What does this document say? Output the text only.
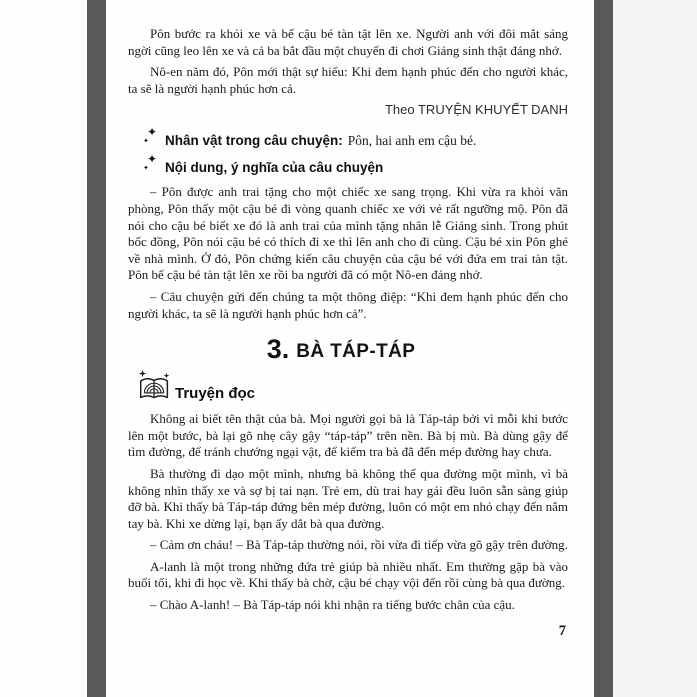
Pôn bước ra khỏi xe và bế cậu bé tàn tật lên xe. Người anh với đôi mắt sáng ngời cũng leo lên xe và cả ba bắt đầu một chuyến đi chơi Giáng sinh thật đáng nhớ.

Nô-en năm đó, Pôn mới thật sự hiểu: Khi đem hạnh phúc đến cho người khác, ta sẽ là người hạnh phúc hơn cả.

Theo TRUYỆN KHUYẾT DANH
✦
✦ Nhân vật trong câu chuyện: Pôn, hai anh em cậu bé.
✦
✦ Nội dung, ý nghĩa của câu chuyện

– Pôn được anh trai tặng cho một chiếc xe sang trọng. Khi vừa ra khỏi văn phòng, Pôn thấy một cậu bé đi vòng quanh chiếc xe với vẻ rất ngưỡng mộ. Pôn đã nói cho cậu bé biết xe đó là anh trai của mình tặng nhân lễ Giáng sinh. Trong phút bốc đồng, Pôn nói cậu bé có thích đi xe thì lên anh cho đi cùng. Cậu bé xin Pôn ghé về nhà mình. Ở đó, Pôn chứng kiến câu chuyện của cậu bé với đứa em trai tàn tật. Pôn bế cậu bé tàn tật lên xe rồi ba người đã có một Nô-en đáng nhớ.

– Câu chuyện gửi đến chúng ta một thông điệp: “Khi đem hạnh phúc đến cho người khác, ta sẽ là người hạnh phúc hơn cả”.

3. BÀ TÁP-TÁP
Truyện đọc

Không ai biết tên thật của bà. Mọi người gọi bà là Táp-táp bởi vì mỗi khi bước lên một bước, bà lại gõ nhẹ cây gậy “táp-táp” trên nền. Bà bị mù. Bà dùng gậy để tìm đường, để tránh chướng ngại vật, để kiểm tra bà đã đến mép đường hay chưa.

Bà thường đi dạo một mình, nhưng bà không thể qua đường một mình, vì bà không nhìn thấy xe và sợ bị tai nạn. Trẻ em, dù trai hay gái đều luôn sẵn sàng giúp đỡ bà. Khi thấy bà Táp-táp đứng bên mép đường, luôn có một em nhỏ chạy đến nắm tay bà. Khi xe dừng lại, bạn ấy dắt bà qua đường.

– Cảm ơn cháu! – Bà Táp-táp thường nói, rồi vừa đi tiếp vừa gõ gậy trên đường.

A-lanh là một trong những đứa trẻ giúp bà nhiều nhất. Em thường gặp bà vào buổi tối, khi đi học về. Khi thấy bà chờ, cậu bé chạy vội đến rồi cùng bà qua đường.

– Chào A-lanh! – Bà Táp-táp nói khi nhận ra tiếng bước chân của cậu.

7
